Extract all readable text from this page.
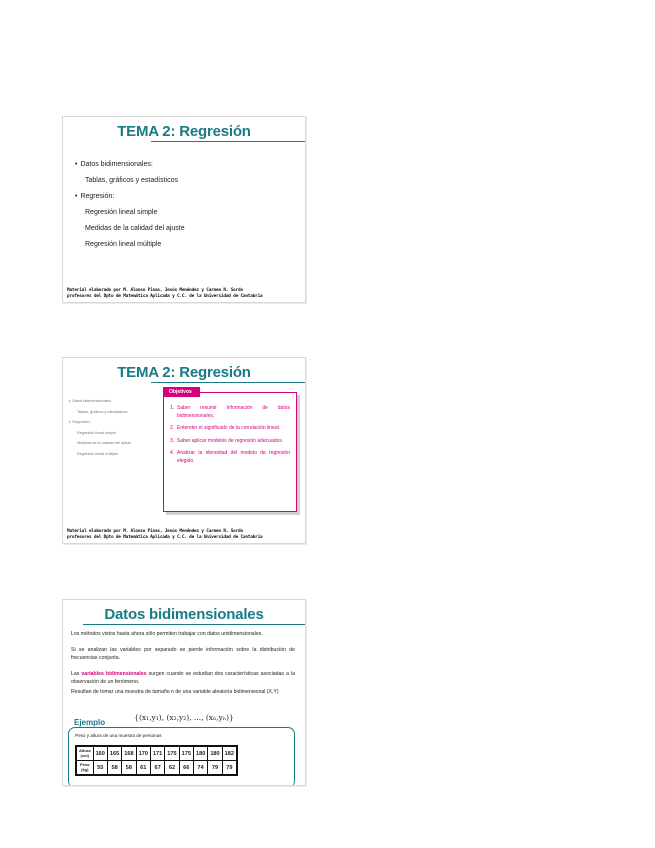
TEMA 2: Regresión
• Datos bidimensionales:
Tablas, gráficos y estadísticos
• Regresión:
Regresión lineal simple
Medidas de la calidad del ajuste
Regresión lineal múltiple
Material elaborado por M. Alonso Pinas, Jesús Menéndez y Carmen N. Sordo
profesores del Dpto de Matemática Aplicada y C.C. de la Universidad de Cantabria
TEMA 2: Regresión
• Datos bidimensionales:
Tablas, gráficos y estadísticos
• Regresión:
Regresión lineal simple
Medidas de la calidad del ajuste
Regresión lineal múltiple
Objetivos
1. Saber resumir información de datos bidimensionales.
2. Entender el significado de la correlación lineal.
3. Saber aplicar modelos de regresión adecuados.
4. Analizar la idoneidad del modelo de regresión elegido.
Material elaborado por M. Alonso Pinas, Jesús Menéndez y Carmen N. Sordo
profesores del Dpto de Matemática Aplicada y C.C. de la Universidad de Cantabria
Datos bidimensionales
Los métodos vistos hasta ahora sólo permiten trabajar con datos unidimensionales.
Si se analizan las variables por separado se pierde información sobre la distribución de frecuencias conjunta.
Las variables bidimensionales surgen cuando se estudian dos características asociadas a la observación de un fenómeno.
Resultan de tomar una muestra de tamaño n de una variable aleatoria bidimensional (X,Y)
{(x₁,y₁), (x₂,y₂), ..., (xₙ,yₙ)}
Ejemplo
Peso y altura de una muestra de personas
Altura
(cm)	160	165	168	170	171	175	175	180	180	182
Peso
(kg)	55	58	58	61	67	62	66	74	79	79
